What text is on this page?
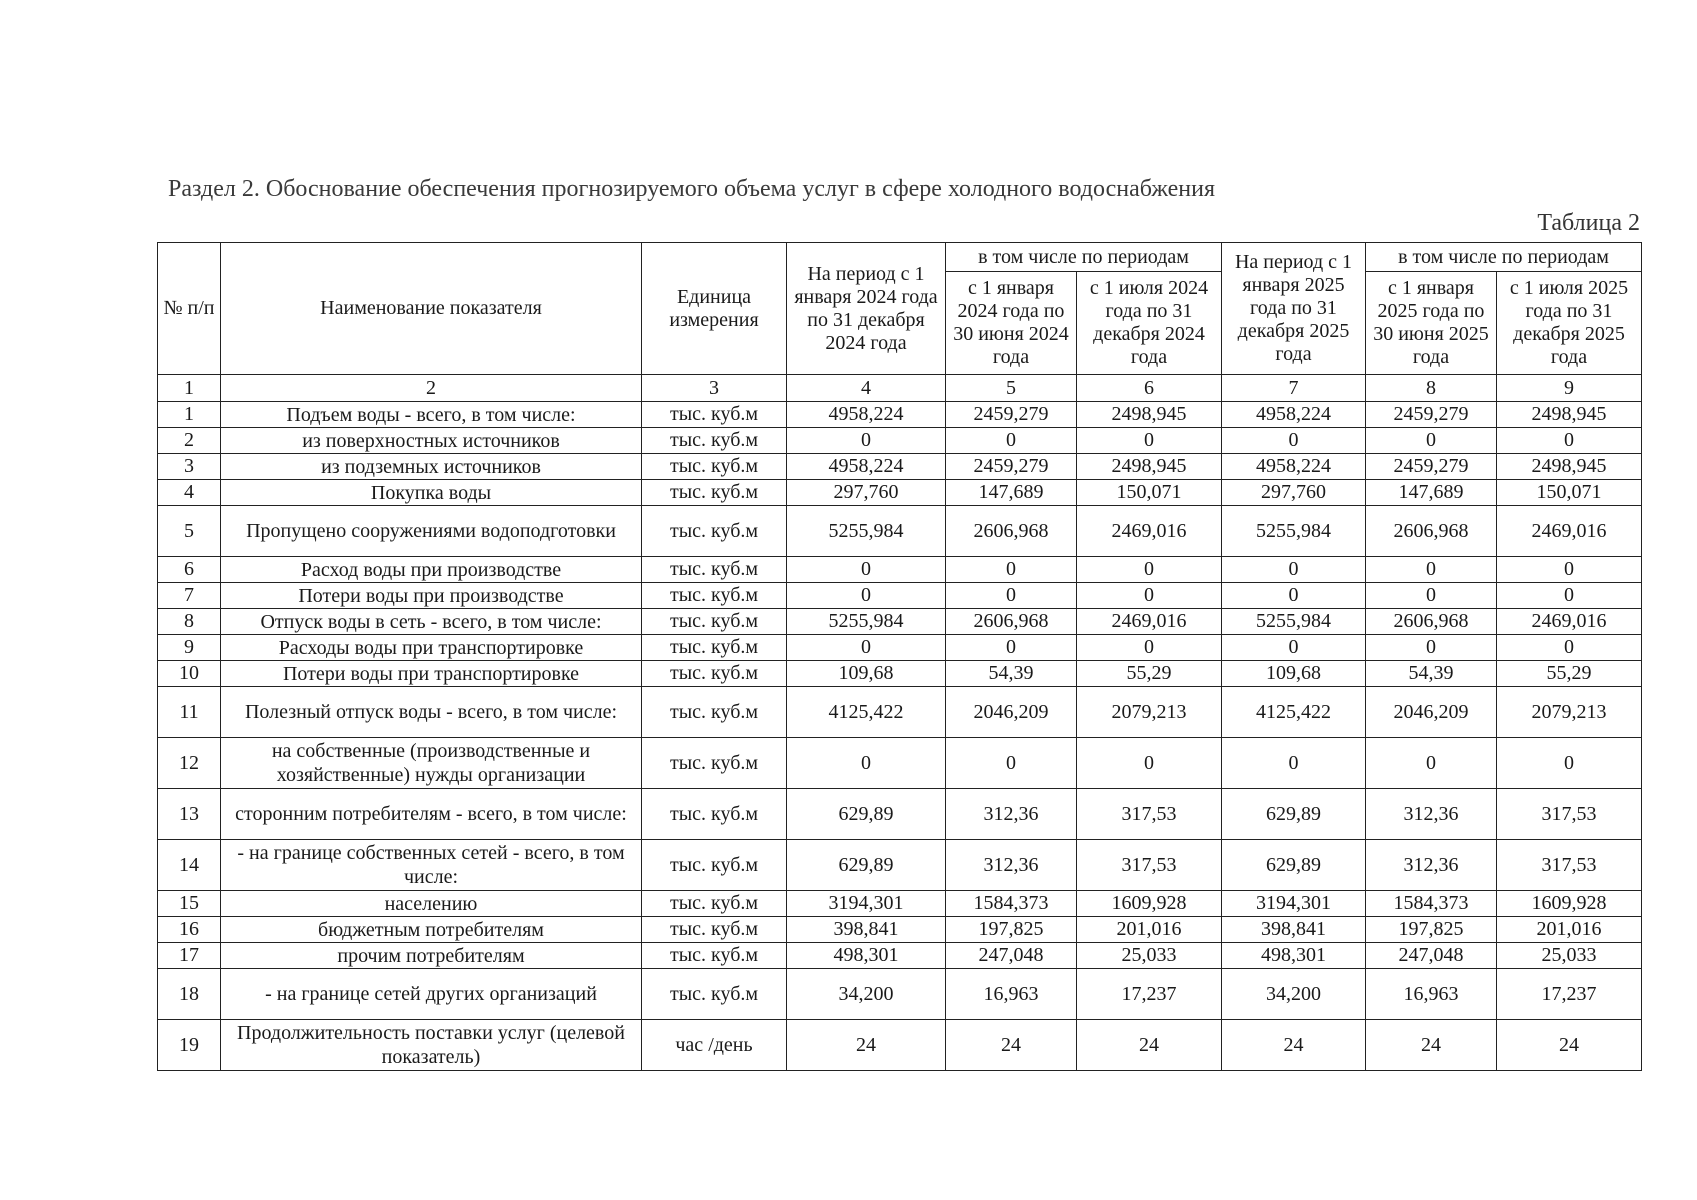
Раздел 2. Обоснование обеспечения прогнозируемого объема услуг в сфере холодного водоснабжения
Таблица 2
№ п/п	Наименование показателя	Единица измерения	На период с 1 января 2024 года по 31 декабря 2024 года	в том числе по периодам		На период с 1 января 2025 года по 31 декабря 2025 года	в том числе по периодам	
				с 1 января 2024 года по 30 июня 2024 года	с 1 июля 2024 года по 31 декабря 2024 года		с 1 января 2025 года по 30 июня 2025 года	с 1 июля 2025 года по 31 декабря 2025 года
1	2	3	4	5	6	7	8	9
1	Подъем воды - всего, в том числе:	тыс. куб.м	4958,224	2459,279	2498,945	4958,224	2459,279	2498,945
2	из поверхностных источников	тыс. куб.м	0	0	0	0	0	0
3	из подземных источников	тыс. куб.м	4958,224	2459,279	2498,945	4958,224	2459,279	2498,945
4	Покупка воды	тыс. куб.м	297,760	147,689	150,071	297,760	147,689	150,071
5	Пропущено сооружениями водоподготовки	тыс. куб.м	5255,984	2606,968	2469,016	5255,984	2606,968	2469,016
6	Расход воды при производстве	тыс. куб.м	0	0	0	0	0	0
7	Потери воды при производстве	тыс. куб.м	0	0	0	0	0	0
8	Отпуск воды в сеть - всего, в том числе:	тыс. куб.м	5255,984	2606,968	2469,016	5255,984	2606,968	2469,016
9	Расходы воды при транспортировке	тыс. куб.м	0	0	0	0	0	0
10	Потери воды при транспортировке	тыс. куб.м	109,68	54,39	55,29	109,68	54,39	55,29
11	Полезный отпуск воды - всего, в том числе:	тыс. куб.м	4125,422	2046,209	2079,213	4125,422	2046,209	2079,213
12	на собственные (производственные и хозяйственные) нужды организации	тыс. куб.м	0	0	0	0	0	0
13	сторонним потребителям - всего, в том числе:	тыс. куб.м	629,89	312,36	317,53	629,89	312,36	317,53
14	- на границе собственных сетей - всего, в том числе:	тыс. куб.м	629,89	312,36	317,53	629,89	312,36	317,53
15	населению	тыс. куб.м	3194,301	1584,373	1609,928	3194,301	1584,373	1609,928
16	бюджетным потребителям	тыс. куб.м	398,841	197,825	201,016	398,841	197,825	201,016
17	прочим потребителям	тыс. куб.м	498,301	247,048	25,033	498,301	247,048	25,033
18	- на границе сетей других организаций	тыс. куб.м	34,200	16,963	17,237	34,200	16,963	17,237
19	Продолжительность поставки услуг (целевой показатель)	час /день	24	24	24	24	24	24
